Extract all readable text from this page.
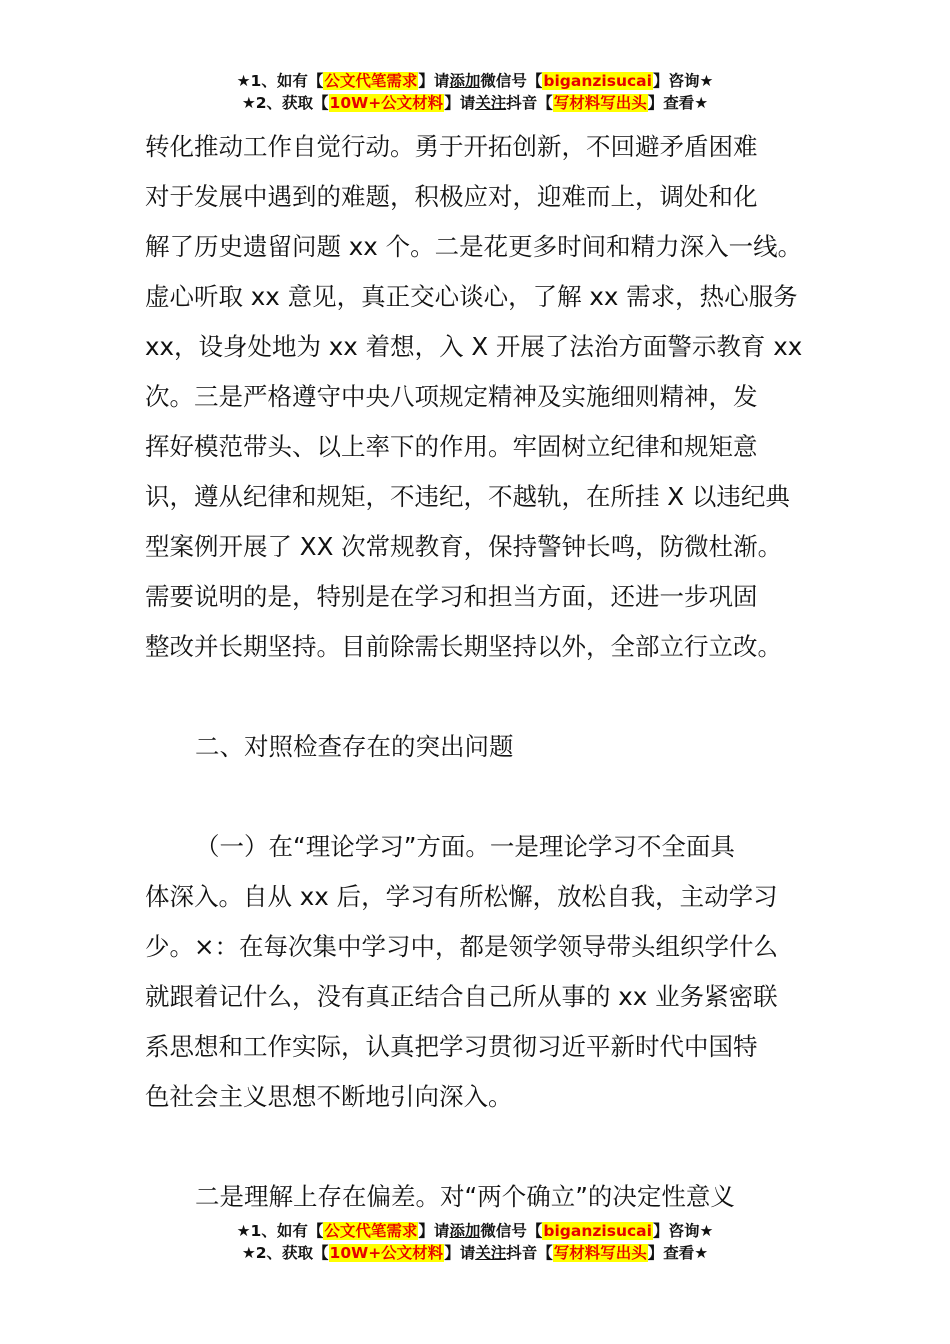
★1、如有【公文代笔需求】请添加微信号【biganzisucai】咨询★
★2、获取【10W+公文材料】请关注抖音【写材料写出头】查看★
转化推动工作自觉行动。勇于开拓创新，不回避矛盾困难
对于发展中遇到的难题，积极应对，迎难而上，调处和化
解了历史遗留问题 xx 个。二是花更多时间和精力深入一线。
虚心听取 xx 意见，真正交心谈心，了解 xx 需求，热心服务
xx，设身处地为 xx 着想，入 X 开展了法治方面警示教育 xx
次。三是严格遵守中央八项规定精神及实施细则精神，发
挥好模范带头、以上率下的作用。牢固树立纪律和规矩意
识，遵从纪律和规矩，不违纪，不越轨，在所挂 X 以违纪典
型案例开展了 XX 次常规教育，保持警钟长鸣，防微杜渐。
需要说明的是，特别是在学习和担当方面，还进一步巩固
整改并长期坚持。目前除需长期坚持以外，全部立行立改。
二、对照检查存在的突出问题
（一）在“理论学习”方面。一是理论学习不全面具
体深入。自从 xx 后，学习有所松懈，放松自我，主动学习
少。×：在每次集中学习中，都是领学领导带头组织学什么
就跟着记什么，没有真正结合自己所从事的 xx 业务紧密联
系思想和工作实际，认真把学习贯彻习近平新时代中国特
色社会主义思想不断地引向深入。
二是理解上存在偏差。对“两个确立”的决定性意义
★1、如有【公文代笔需求】请添加微信号【biganzisucai】咨询★
★2、获取【10W+公文材料】请关注抖音【写材料写出头】查看★
